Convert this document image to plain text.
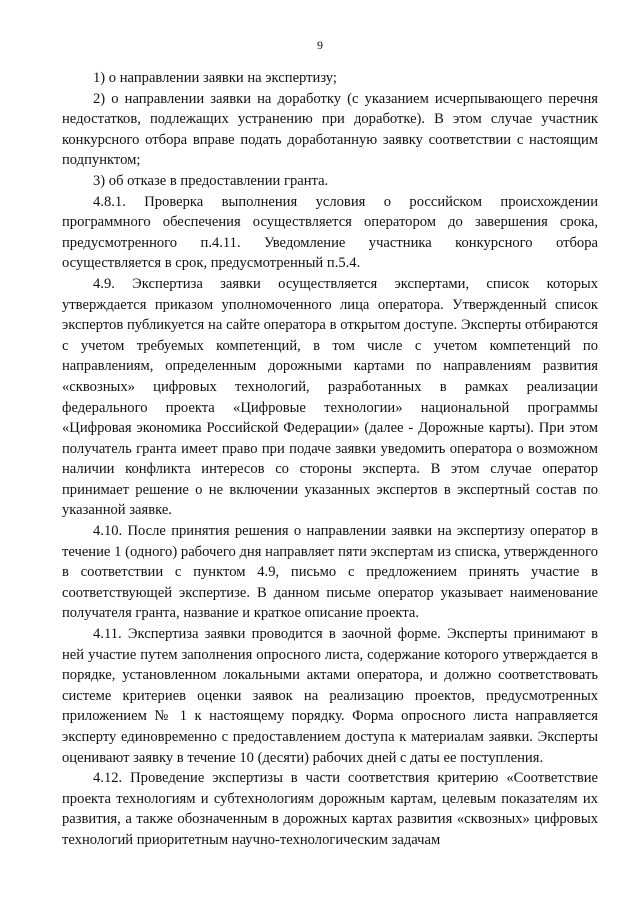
9

1) о направлении заявки на экспертизу;

2) о направлении заявки на доработку (с указанием исчерпывающего перечня недостатков, подлежащих устранению при доработке). В этом случае участник конкурсного отбора вправе подать доработанную заявку соответствии с настоящим подпунктом;

3) об отказе в предоставлении гранта.

4.8.1. Проверка выполнения условия о российском происхождении программного обеспечения осуществляется оператором до завершения срока, предусмотренного п.4.11. Уведомление участника конкурсного отбора осуществляется в срок, предусмотренный п.5.4.

4.9. Экспертиза заявки осуществляется экспертами, список которых утверждается приказом уполномоченного лица оператора. Утвержденный список экспертов публикуется на сайте оператора в открытом доступе. Эксперты отбираются с учетом требуемых компетенций, в том числе с учетом компетенций по направлениям, определенным дорожными картами по направлениям развития «сквозных» цифровых технологий, разработанных в рамках реализации федерального проекта «Цифровые технологии» национальной программы «Цифровая экономика Российской Федерации» (далее - Дорожные карты). При этом получатель гранта имеет право при подаче заявки уведомить оператора о возможном наличии конфликта интересов со стороны эксперта. В этом случае оператор принимает решение о не включении указанных экспертов в экспертный состав по указанной заявке.

4.10. После принятия решения о направлении заявки на экспертизу оператор в течение 1 (одного) рабочего дня направляет пяти экспертам из списка, утвержденного в соответствии с пунктом 4.9, письмо с предложением принять участие в соответствующей экспертизе. В данном письме оператор указывает наименование получателя гранта, название и краткое описание проекта.

4.11. Экспертиза заявки проводится в заочной форме. Эксперты принимают в ней участие путем заполнения опросного листа, содержание которого утверждается в порядке, установленном локальными актами оператора, и должно соответствовать системе критериев оценки заявок на реализацию проектов, предусмотренных приложением № 1 к настоящему порядку. Форма опросного листа направляется эксперту единовременно с предоставлением доступа к материалам заявки. Эксперты оценивают заявку в течение 10 (десяти) рабочих дней с даты ее поступления.

4.12. Проведение экспертизы в части соответствия критерию «Соответствие проекта технологиям и субтехнологиям дорожным картам, целевым показателям их развития, а также обозначенным в дорожных картах развития «сквозных» цифровых технологий приоритетным научно-технологическим задачам
